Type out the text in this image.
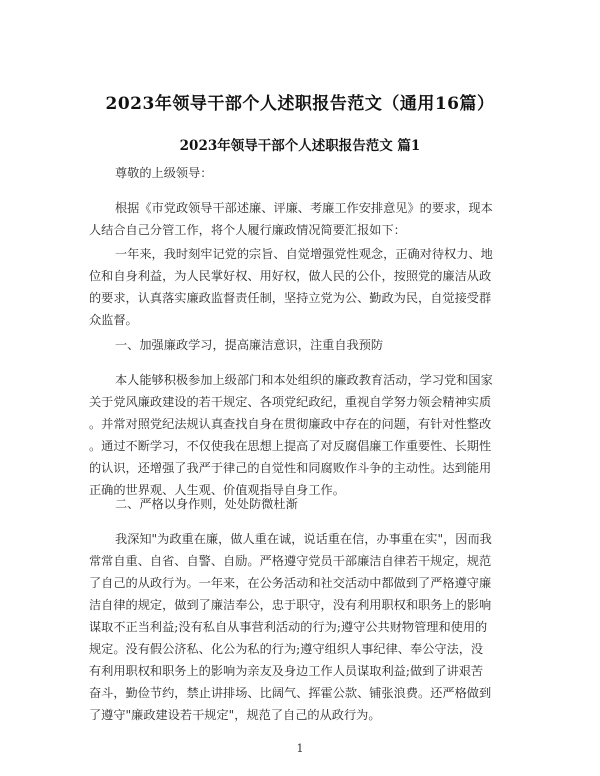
2023年领导干部个人述职报告范文（通用16篇）
2023年领导干部个人述职报告范文 篇1
尊敬的上级领导：
根据《市党政领导干部述廉、评廉、考廉工作安排意见》的要求，现本
人结合自己分管工作，将个人履行廉政情况简要汇报如下：
一年来，我时刻牢记党的宗旨、自觉增强党性观念，正确对待权力、地
位和自身利益，为人民掌好权、用好权，做人民的公仆，按照党的廉洁从政
的要求，认真落实廉政监督责任制，坚持立党为公、勤政为民，自觉接受群
众监督。
一、加强廉政学习，提高廉洁意识，注重自我预防
本人能够积极参加上级部门和本处组织的廉政教育活动，学习党和国家
关于党风廉政建设的若干规定、各项党纪政纪，重视自学努力领会精神实质
。并常对照党纪法规认真查找自身在贯彻廉政中存在的问题，有针对性整改
。通过不断学习，不仅使我在思想上提高了对反腐倡廉工作重要性、长期性
的认识，还增强了我严于律己的自觉性和同腐败作斗争的主动性。达到能用
正确的世界观、人生观、价值观指导自身工作。
二、严格以身作则，处处防微杜渐
我深知"为政重在廉，做人重在诚，说话重在信，办事重在实"，因而我
常常自重、自省、自警、自励。严格遵守党员干部廉洁自律若干规定，规范
了自己的从政行为。一年来，在公务活动和社交活动中都做到了严格遵守廉
洁自律的规定，做到了廉洁奉公，忠于职守，没有利用职权和职务上的影响
谋取不正当利益;没有私自从事营利活动的行为;遵守公共财物管理和使用的
规定。没有假公济私、化公为私的行为;遵守组织人事纪律、奉公守法，没
有利用职权和职务上的影响为亲友及身边工作人员谋取利益;做到了讲艰苦
奋斗，勤俭节约，禁止讲排场、比阔气、挥霍公款、铺张浪费。还严格做到
了遵守"廉政建设若干规定"，规范了自己的从政行为。
1
